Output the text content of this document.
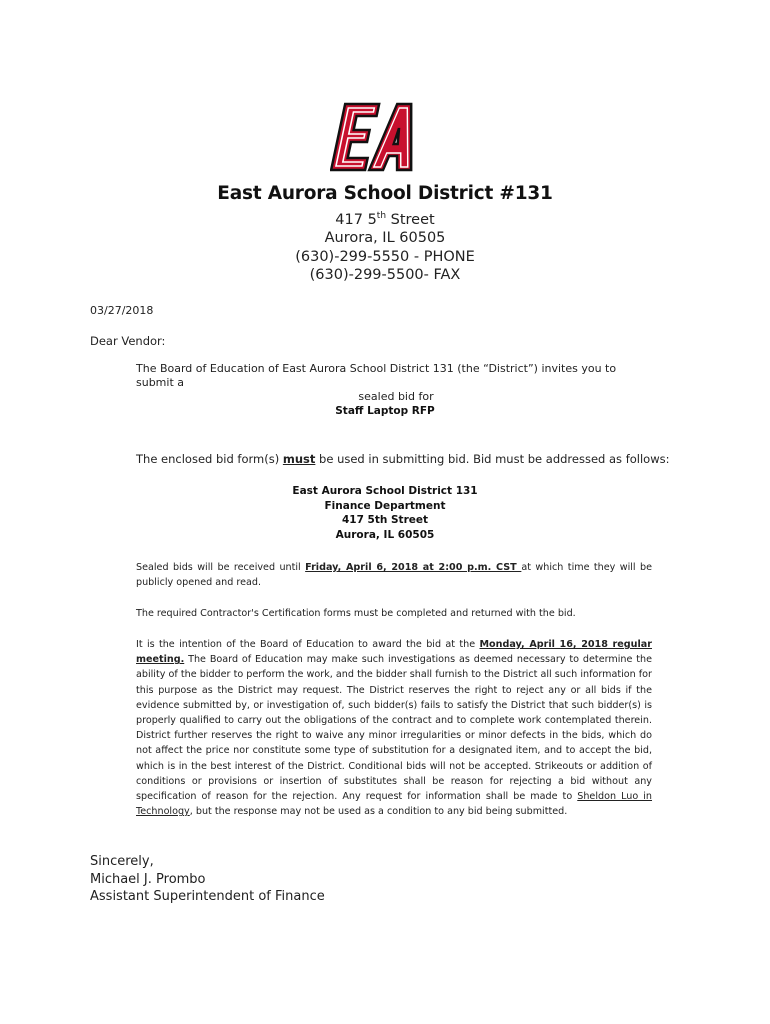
East Aurora School District #131
417 5th Street
Aurora, IL 60505
(630)-299-5550 - PHONE
(630)-299-5500- FAX
03/27/2018
Dear Vendor:
The Board of Education of East Aurora School District 131 (the “District”) invites you to submit a
sealed bid for
Staff Laptop RFP
The enclosed bid form(s) must be used in submitting bid. Bid must be addressed as follows:
East Aurora School District 131
Finance Department
417 5th Street
Aurora, IL 60505
Sealed bids will be received until Friday, April 6, 2018 at 2:00 p.m. CST at which time they will be publicly opened and read.
The required Contractor's Certification forms must be completed and returned with the bid.
It is the intention of the Board of Education to award the bid at the Monday, April 16, 2018 regular meeting. The Board of Education may make such investigations as deemed necessary to determine the ability of the bidder to perform the work, and the bidder shall furnish to the District all such information for this purpose as the District may request. The District reserves the right to reject any or all bids if the evidence submitted by, or investigation of, such bidder(s) fails to satisfy the District that such bidder(s) is properly qualified to carry out the obligations of the contract and to complete work contemplated therein. District further reserves the right to waive any minor irregularities or minor defects in the bids, which do not affect the price nor constitute some type of substitution for a designated item, and to accept the bid, which is in the best interest of the District. Conditional bids will not be accepted. Strikeouts or addition of conditions or provisions or insertion of substitutes shall be reason for rejecting a bid without any specification of reason for the rejection. Any request for information shall be made to Sheldon Luo in Technology, but the response may not be used as a condition to any bid being submitted.
Sincerely,
Michael J. Prombo
Assistant Superintendent of Finance
